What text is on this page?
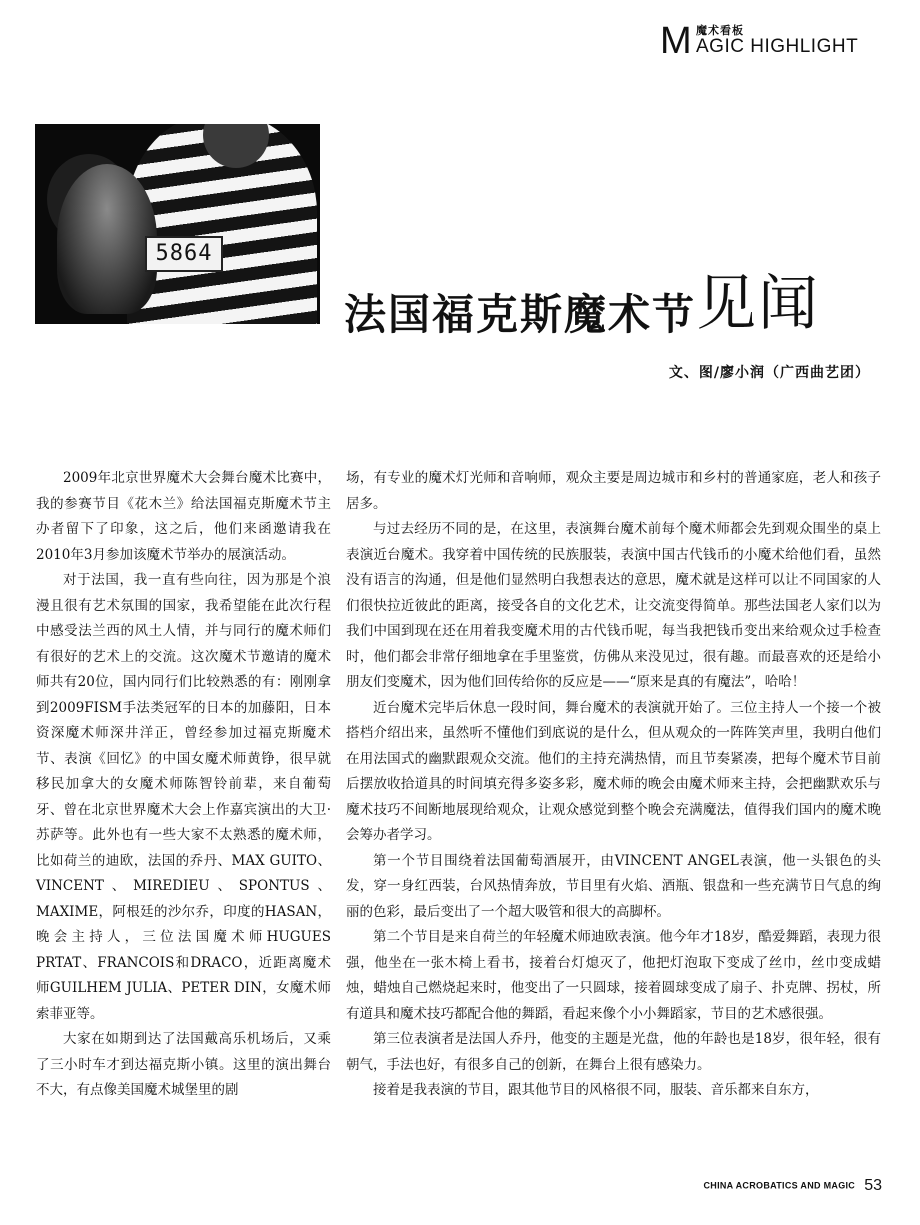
M 魔术看板
AGIC HIGHLIGHT
5864
法国福克斯魔术节见闻
文、图/廖小润（广西曲艺团）

2009年北京世界魔术大会舞台魔术比赛中，我的参赛节目《花木兰》给法国福克斯魔术节主办者留下了印象，这之后，他们来函邀请我在2010年3月参加该魔术节举办的展演活动。

对于法国，我一直有些向往，因为那是个浪漫且很有艺术氛围的国家，我希望能在此次行程中感受法兰西的风土人情，并与同行的魔术师们有很好的艺术上的交流。这次魔术节邀请的魔术师共有20位，国内同行们比较熟悉的有：刚刚拿到2009FISM手法类冠军的日本的加藤阳，日本资深魔术师深井洋正，曾经参加过福克斯魔术节、表演《回忆》的中国女魔术师黄铮，很早就移民加拿大的女魔术师陈智铃前辈，来自葡萄牙、曾在北京世界魔术大会上作嘉宾演出的大卫·苏萨等。此外也有一些大家不太熟悉的魔术师，比如荷兰的迪欧，法国的乔丹、MAX GUITO、VINCENT、MIREDIEU、SPONTUS、MAXIME，阿根廷的沙尔乔，印度的HASAN，晚会主持人，三位法国魔术师HUGUES PRTAT、FRANCOIS和DRACO，近距离魔术师GUILHEM JULIA、PETER DIN，女魔术师索菲亚等。

大家在如期到达了法国戴高乐机场后，又乘了三小时车才到达福克斯小镇。这里的演出舞台不大，有点像美国魔术城堡里的剧

场，有专业的魔术灯光师和音响师，观众主要是周边城市和乡村的普通家庭，老人和孩子居多。

与过去经历不同的是，在这里，表演舞台魔术前每个魔术师都会先到观众围坐的桌上表演近台魔术。我穿着中国传统的民族服装，表演中国古代钱币的小魔术给他们看，虽然没有语言的沟通，但是他们显然明白我想表达的意思，魔术就是这样可以让不同国家的人们很快拉近彼此的距离，接受各自的文化艺术，让交流变得简单。那些法国老人家们以为我们中国到现在还在用着我变魔术用的古代钱币呢，每当我把钱币变出来给观众过手检查时，他们都会非常仔细地拿在手里鉴赏，仿佛从来没见过，很有趣。而最喜欢的还是给小朋友们变魔术，因为他们回传给你的反应是——“原来是真的有魔法”，哈哈！

近台魔术完毕后休息一段时间，舞台魔术的表演就开始了。三位主持人一个接一个被搭档介绍出来，虽然听不懂他们到底说的是什么，但从观众的一阵阵笑声里，我明白他们在用法国式的幽默跟观众交流。他们的主持充满热情，而且节奏紧凑，把每个魔术节目前后摆放收拾道具的时间填充得多姿多彩，魔术师的晚会由魔术师来主持，会把幽默欢乐与魔术技巧不间断地展现给观众，让观众感觉到整个晚会充满魔法，值得我们国内的魔术晚会筹办者学习。

第一个节目围绕着法国葡萄酒展开，由VINCENT ANGEL表演，他一头银色的头发，穿一身红西装，台风热情奔放，节目里有火焰、酒瓶、银盘和一些充满节日气息的绚丽的色彩，最后变出了一个超大吸管和很大的高脚杯。

第二个节目是来自荷兰的年轻魔术师迪欧表演。他今年才18岁，酷爱舞蹈，表现力很强，他坐在一张木椅上看书，接着台灯熄灭了，他把灯泡取下变成了丝巾，丝巾变成蜡烛，蜡烛自己燃烧起来时，他变出了一只圆球，接着圆球变成了扇子、扑克牌、拐杖，所有道具和魔术技巧都配合他的舞蹈，看起来像个小小舞蹈家，节目的艺术感很强。

第三位表演者是法国人乔丹，他变的主题是光盘，他的年龄也是18岁，很年轻，很有朝气，手法也好，有很多自己的创新，在舞台上很有感染力。

接着是我表演的节目，跟其他节目的风格很不同，服装、音乐都来自东方，

CHINA ACROBATICS AND MAGIC 53
